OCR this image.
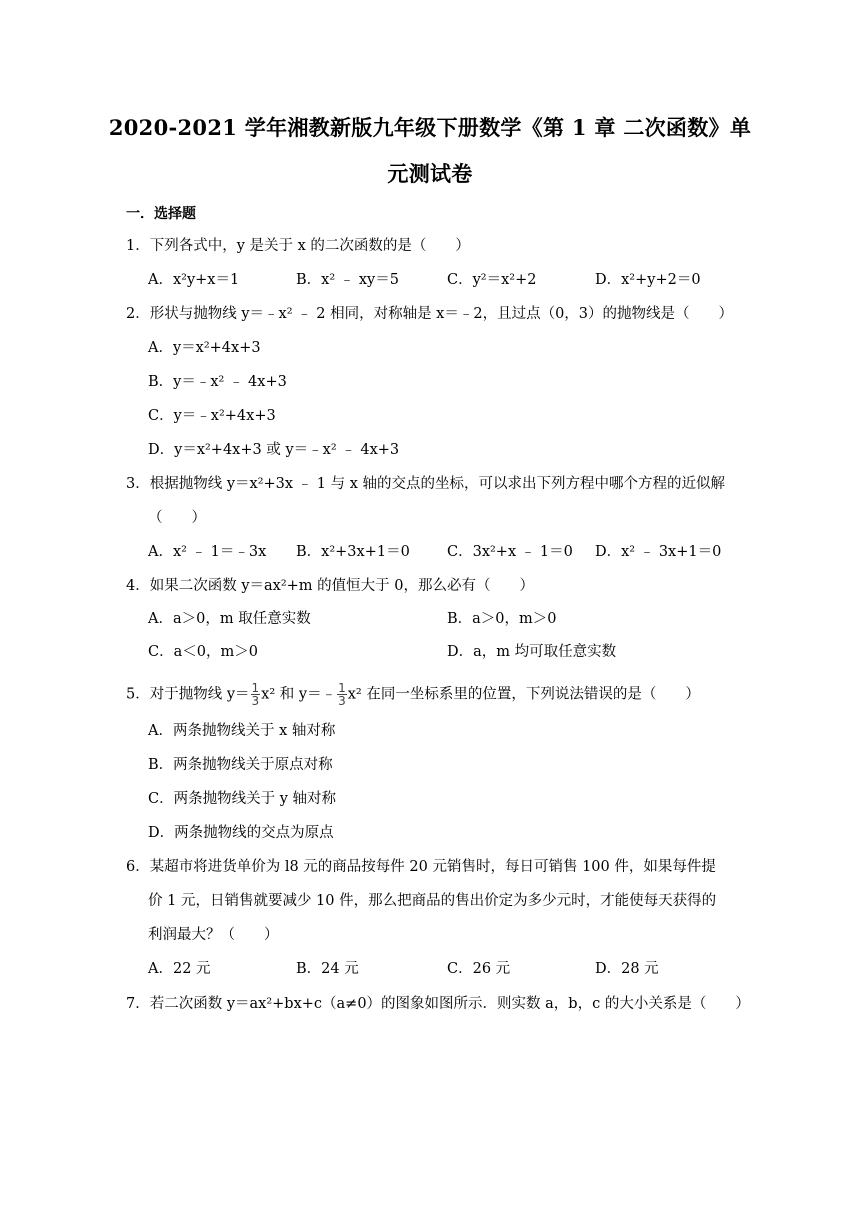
2020-2021 学年湘教新版九年级下册数学《第 1 章 二次函数》单
元测试卷
一．选择题
1．下列各式中，y 是关于 x 的二次函数的是（　　）
A．x²y+x＝1	B．x² ﹣ xy＝5	C．y²＝x²+2	D．x²+y+2＝0
2．形状与抛物线 y＝﹣x² ﹣ 2 相同，对称轴是 x＝﹣2，且过点（0，3）的抛物线是（　　）
A．y＝x²+4x+3
B．y＝﹣x² ﹣ 4x+3
C．y＝﹣x²+4x+3
D．y＝x²+4x+3 或 y＝﹣x² ﹣ 4x+3
3．根据抛物线 y＝x²+3x ﹣ 1 与 x 轴的交点的坐标，可以求出下列方程中哪个方程的近似解
（　　）
A．x² ﹣ 1＝﹣3x B．x²+3x+1＝0	C．3x²+x ﹣ 1＝0 D．x² ﹣ 3x+1＝0
4．如果二次函数 y＝ax²+m 的值恒大于 0，那么必有（　　）
A．a＞0，m 取任意实数	B．a＞0，m＞0
C．a＜0，m＞0	D．a，m 均可取任意实数
5．对于抛物线 $y= \frac{1}{3} x^2$ 和 y＝﹣ $\frac{1}{3} x^2$ 在同一坐标系里的位置，下列说法错误的是（　　）
A．两条抛物线关于 x 轴对称
B．两条抛物线关于原点对称
C．两条抛物线关于 y 轴对称
D．两条抛物线的交点为原点
6．某超市将进货单价为 l8 元的商品按每件 20 元销售时，每日可销售 100 件，如果每件提
价 1 元，日销售就要减少 10 件，那么把商品的售出价定为多少元时，才能使每天获得的
利润最大？（　　）
A．22 元	B．24 元	C．26 元	D．28 元
7．若二次函数 y＝ax²+bx+c（a≠0）的图象如图所示．则实数 a，b，c 的大小关系是（　　）
